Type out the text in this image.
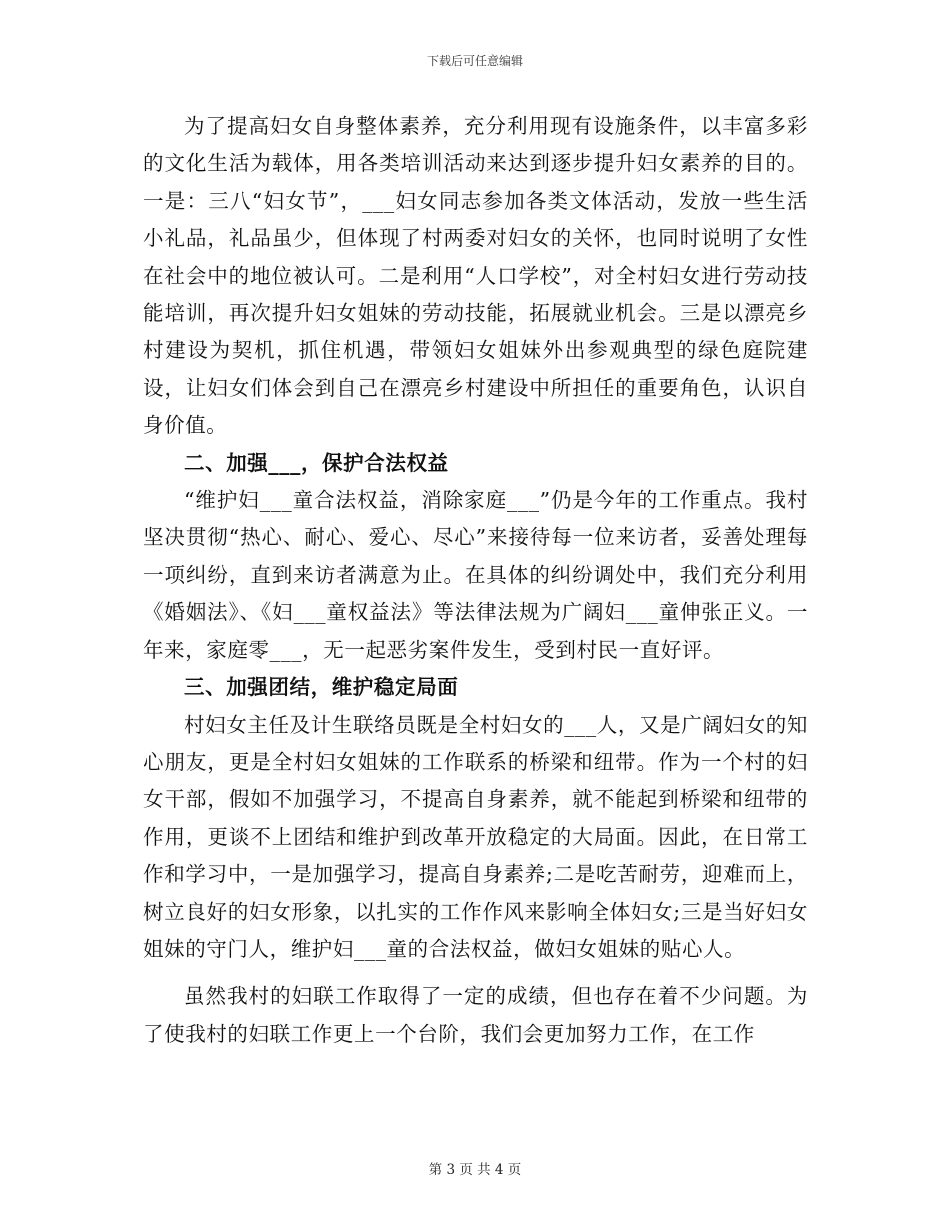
下载后可任意编辑

为了提高妇女自身整体素养，充分利用现有设施条件，以丰富多彩的文化生活为载体，用各类培训活动来达到逐步提升妇女素养的目的。一是：三八“妇女节”，___妇女同志参加各类文体活动，发放一些生活小礼品，礼品虽少，但体现了村两委对妇女的关怀，也同时说明了女性在社会中的地位被认可。二是利用“人口学校”，对全村妇女进行劳动技能培训，再次提升妇女姐妹的劳动技能，拓展就业机会。三是以漂亮乡村建设为契机，抓住机遇，带领妇女姐妹外出参观典型的绿色庭院建设，让妇女们体会到自己在漂亮乡村建设中所担任的重要角色，认识自身价值。

二、加强___，保护合法权益

“维护妇___童合法权益，消除家庭___”仍是今年的工作重点。我村坚决贯彻“热心、耐心、爱心、尽心”来接待每一位来访者，妥善处理每一项纠纷，直到来访者满意为止。在具体的纠纷调处中，我们充分利用《婚姻法》、《妇___童权益法》等法律法规为广阔妇___童伸张正义。一年来，家庭零___，无一起恶劣案件发生，受到村民一直好评。

三、加强团结，维护稳定局面

村妇女主任及计生联络员既是全村妇女的___人，又是广阔妇女的知心朋友，更是全村妇女姐妹的工作联系的桥梁和纽带。作为一个村的妇女干部，假如不加强学习，不提高自身素养，就不能起到桥梁和纽带的作用，更谈不上团结和维护到改革开放稳定的大局面。因此，在日常工作和学习中，一是加强学习，提高自身素养;二是吃苦耐劳，迎难而上，树立良好的妇女形象，以扎实的工作作风来影响全体妇女;三是当好妇女姐妹的守门人，维护妇___童的合法权益，做妇女姐妹的贴心人。

虽然我村的妇联工作取得了一定的成绩，但也存在着不少问题。为了使我村的妇联工作更上一个台阶，我们会更加努力工作，在工作

第 3 页 共 4 页
